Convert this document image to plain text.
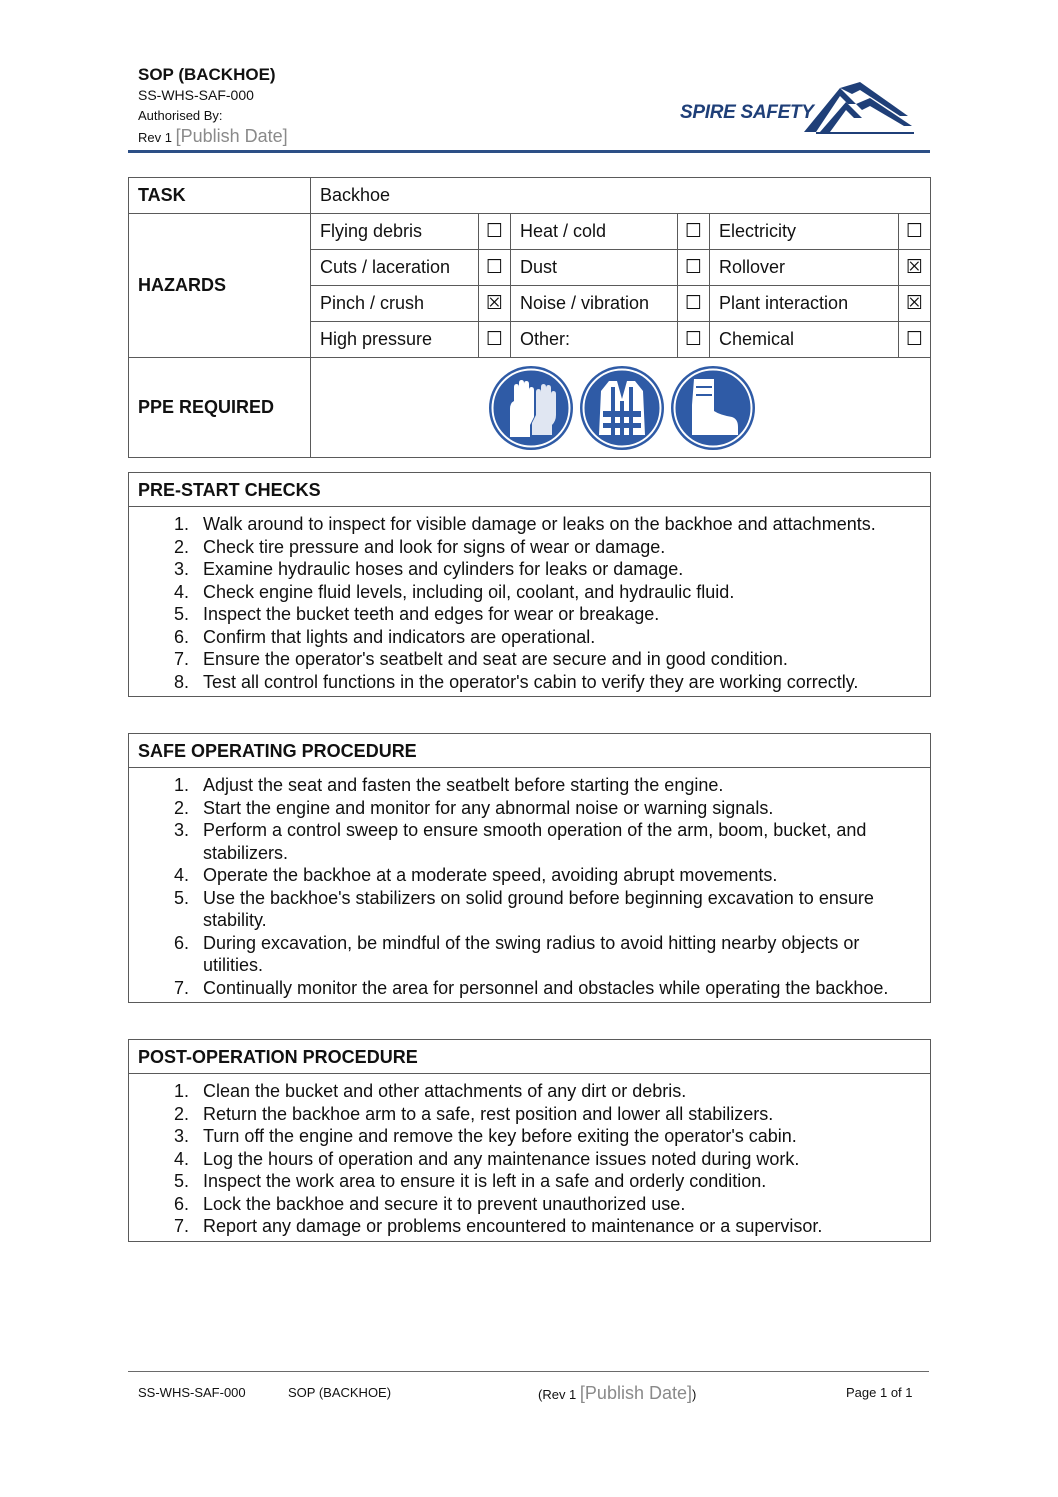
SOP (BACKHOE)
SS-WHS-SAF-000
Authorised By:
Rev 1 [Publish Date]
SPIRE SAFETY
TASK	Backhoe					
HAZARDS	Flying debris	☐	Heat / cold	☐	Electricity	☐
	Cuts / laceration	☐	Dust	☐	Rollover	☒
	Pinch / crush	☒	Noise / vibration	☐	Plant interaction	☒
	High pressure	☐	Other:	☐	Chemical	☐
PPE REQUIRED	
PRE-START CHECKS
1. Walk around to inspect for visible damage or leaks on the backhoe and attachments.
2. Check tire pressure and look for signs of wear or damage.
3. Examine hydraulic hoses and cylinders for leaks or damage.
4. Check engine fluid levels, including oil, coolant, and hydraulic fluid.
5. Inspect the bucket teeth and edges for wear or breakage.
6. Confirm that lights and indicators are operational.
7. Ensure the operator's seatbelt and seat are secure and in good condition.
8. Test all control functions in the operator's cabin to verify they are working correctly.
SAFE OPERATING PROCEDURE
1. Adjust the seat and fasten the seatbelt before starting the engine.
2. Start the engine and monitor for any abnormal noise or warning signals.
3. Perform a control sweep to ensure smooth operation of the arm, boom, bucket, and stabilizers.
4. Operate the backhoe at a moderate speed, avoiding abrupt movements.
5. Use the backhoe's stabilizers on solid ground before beginning excavation to ensure stability.
6. During excavation, be mindful of the swing radius to avoid hitting nearby objects or utilities.
7. Continually monitor the area for personnel and obstacles while operating the backhoe.
POST-OPERATION PROCEDURE
1. Clean the bucket and other attachments of any dirt or debris.
2. Return the backhoe arm to a safe, rest position and lower all stabilizers.
3. Turn off the engine and remove the key before exiting the operator's cabin.
4. Log the hours of operation and any maintenance issues noted during work.
5. Inspect the work area to ensure it is left in a safe and orderly condition.
6. Lock the backhoe and secure it to prevent unauthorized use.
7. Report any damage or problems encountered to maintenance or a supervisor.
SS-WHS-SAF-000	SOP (BACKHOE)	(Rev 1 [Publish Date])	Page 1 of 1
